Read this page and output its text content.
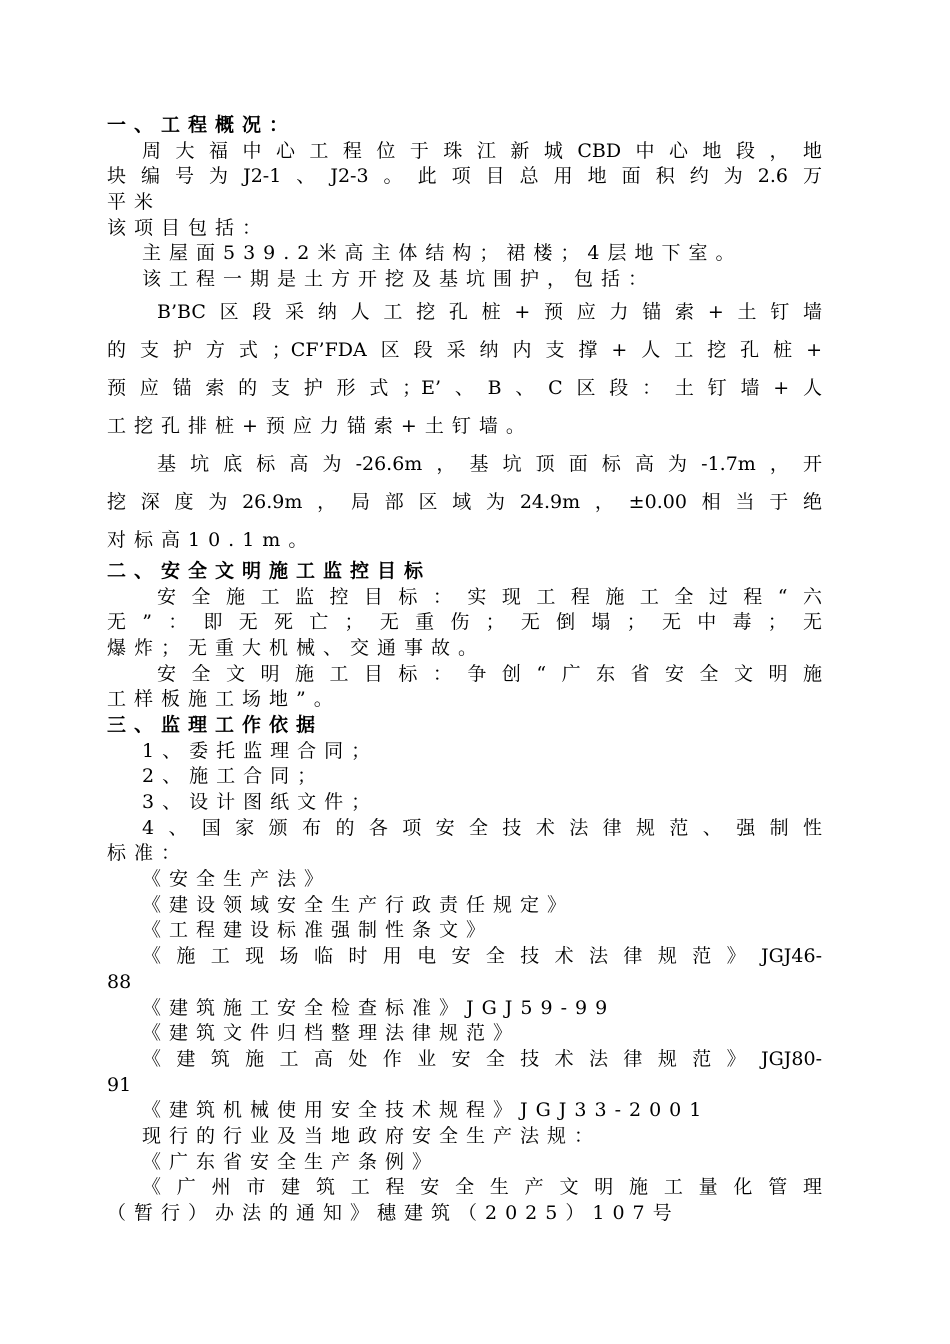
一、工程概况：
周大福中心工程位于珠江新城CBD中心地段，地
块编号为J2-1、J2-3。此项目总用地面积约为2.6万
平米
该项目包括：
主屋面539.2米高主体结构；裙楼；4层地下室。
该工程一期是土方开挖及基坑围护，包括：
B’BC区段采纳人工挖孔桩+预应力锚索+土钉墙
的支护方式；CF’FDA区段采纳内支撑+人工挖孔桩+
预应锚索的支护形式；E’、B、C区段：土钉墙+人
工挖孔排桩+预应力锚索+土钉墙。
基坑底标高为-26.6m，基坑顶面标高为-1.7m，开
挖深度为26.9m，局部区域为24.9m，±0.00相当于绝
对标高10.1m。
二、安全文明施工监控目标
安全施工监控目标：实现工程施工全过程“六
无”：即无死亡；无重伤；无倒塌；无中毒；无
爆炸；无重大机械、交通事故。
安全文明施工目标：争创“广东省安全文明施
工样板施工场地”。
三、监理工作依据
1、委托监理合同；
2、施工合同；
3、设计图纸文件；
4、国家颁布的各项安全技术法律规范、强制性
标准：
《安全生产法》
《建设领域安全生产行政责任规定》
《工程建设标准强制性条文》
《施工现场临时用电安全技术法律规范》JGJ46-
88
《建筑施工安全检查标准》JGJ59-99
《建筑文件归档整理法律规范》
《建筑施工高处作业安全技术法律规范》JGJ80-
91
《建筑机械使用安全技术规程》JGJ33-2001
现行的行业及当地政府安全生产法规：
《广东省安全生产条例》
《广州市建筑工程安全生产文明施工量化管理
（暂行）办法的通知》穗建筑（2025）107号
